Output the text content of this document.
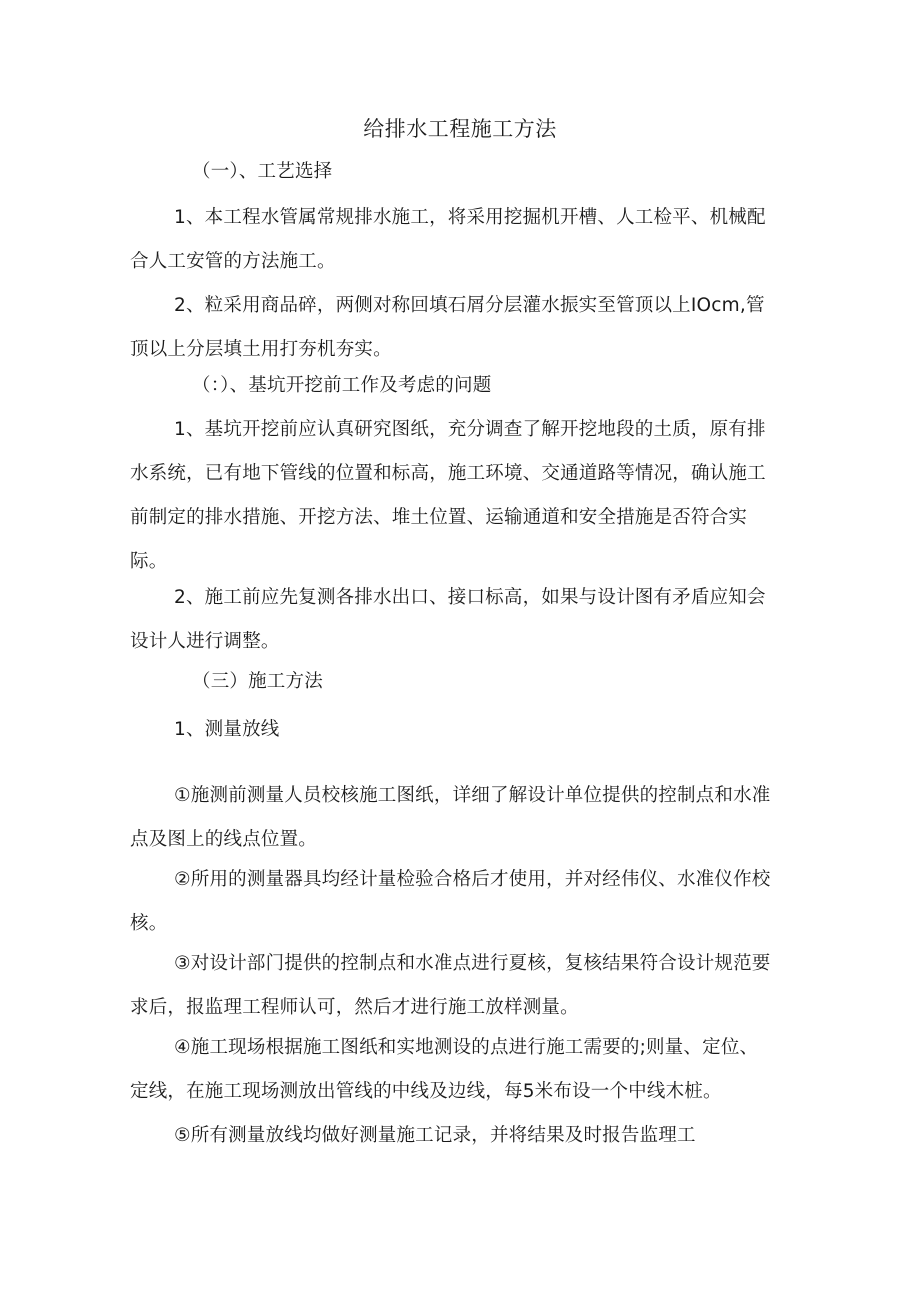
给排水工程施工方法
（一）、工艺选择
1、本工程水管属常规排水施工，将采用挖掘机开槽、人工检平、机械配
合人工安管的方法施工。
2、粒采用商品碎，两侧对称回填石屑分层灌水振实至管顶以上IOcm,管
顶以上分层填土用打夯机夯实。
（：）、基坑开挖前工作及考虑的问题
1、基坑开挖前应认真研究图纸，充分调查了解开挖地段的土质，原有排
水系统，已有地下管线的位置和标高，施工环境、交通道路等情况，确认施工
前制定的排水措施、开挖方法、堆土位置、运输通道和安全措施是否符合实
际。
2、施工前应先复测各排水出口、接口标高，如果与设计图有矛盾应知会
设计人进行调整。
（三）施工方法
1、测量放线
①施测前测量人员校核施工图纸，详细了解设计单位提供的控制点和水准
点及图上的线点位置。
②所用的测量器具均经计量检验合格后才使用，并对经伟仪、水准仪作校
核。
③对设计部门提供的控制点和水准点进行夏核，复核结果符合设计规范要
求后，报监理工程师认可，然后才进行施工放样测量。
④施工现场根据施工图纸和实地测设的点进行施工需要的;则量、定位、
定线，在施工现场测放出管线的中线及边线，每5米布设一个中线木桩。
⑤所有测量放线均做好测量施工记录，并将结果及时报告监理工
